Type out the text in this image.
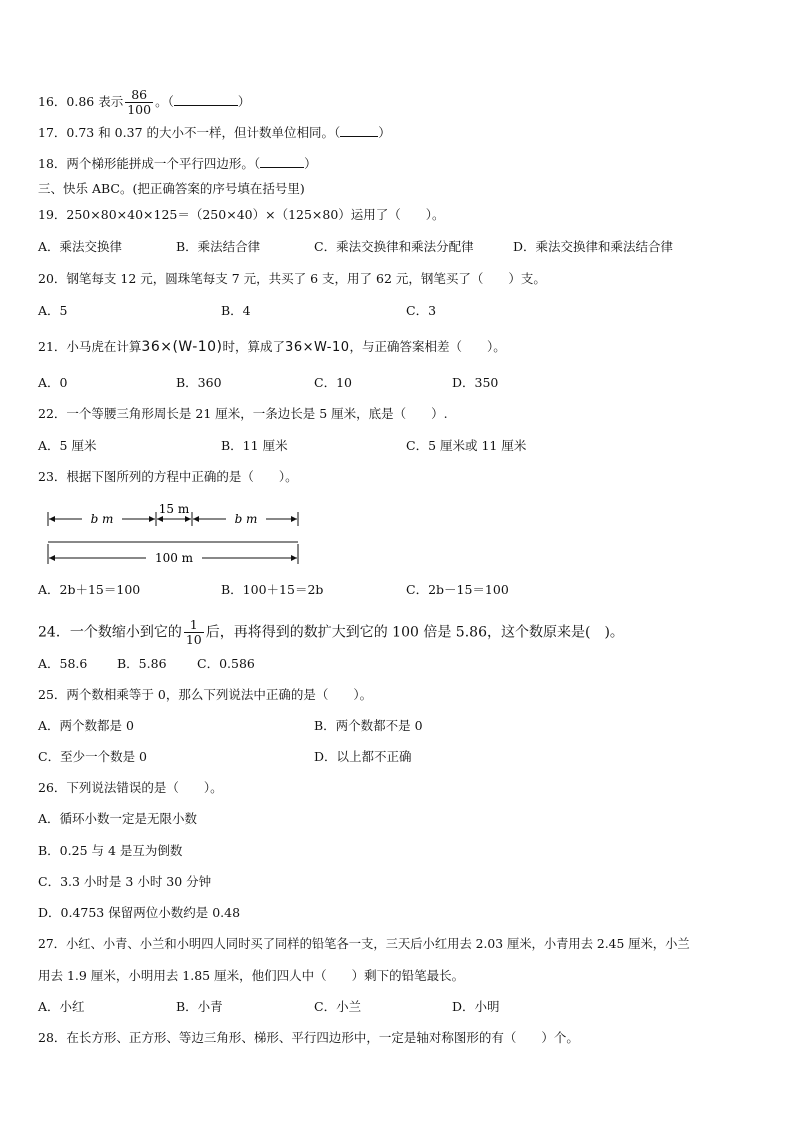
16．0.86 表示 $\frac{86}{100}$ 。（	）
17．0.73 和 0.37 的大小不一样，但计数单位相同。（	）
18．两个梯形能拼成一个平行四边形。（	）
三、快乐 ABC。(把正确答案的序号填在括号里)
19．250×80×40×125＝（250×40）×（125×80）运用了（　　）。
A．乘法交换律	B．乘法结合律	C．乘法交换律和乘法分配律	D．乘法交换律和乘法结合律
20．钢笔每支 12 元，圆珠笔每支 7 元，共买了 6 支，用了 62 元，钢笔买了（　　）支。
A．5	B．4	C．3
21．小马虎在计算36×(W-10)时，算成了36×W-10，与正确答案相差（　　）。
A．0	B．360	C．10	D．350
22．一个等腰三角形周长是 21 厘米，一条边长是 5 厘米，底是（　　）.
A．5 厘米	B．11 厘米	C．5 厘米或 11 厘米
23．根据下图所列的方程中正确的是（　　）。
b m
15 m
b m
100 m
A．2b＋15＝100	B．100＋15＝2b	C．2b－15＝100
24．一个数缩小到它的 $\frac{1}{10}$ 后，再将得到的数扩大到它的 100 倍是 5.86，这个数原来是(　)。
A．58.6 B．5.86 C．0.586
25．两个数相乘等于 0，那么下列说法中正确的是（　　）。
A．两个数都是 0	B．两个数都不是 0
C．至少一个数是 0	D．以上都不正确
26．下列说法错误的是（　　）。
A．循环小数一定是无限小数
B．0.25 与 4 是互为倒数
C．3.3 小时是 3 小时 30 分钟
D．0.4753 保留两位小数约是 0.48
27．小红、小青、小兰和小明四人同时买了同样的铅笔各一支，三天后小红用去 2.03 厘米，小青用去 2.45 厘米，小兰
用去 1.9 厘米，小明用去 1.85 厘米，他们四人中（　　）剩下的铅笔最长。
A．小红	B．小青	C．小兰	D．小明
28．在长方形、正方形、等边三角形、梯形、平行四边形中，一定是轴对称图形的有（　　）个。
